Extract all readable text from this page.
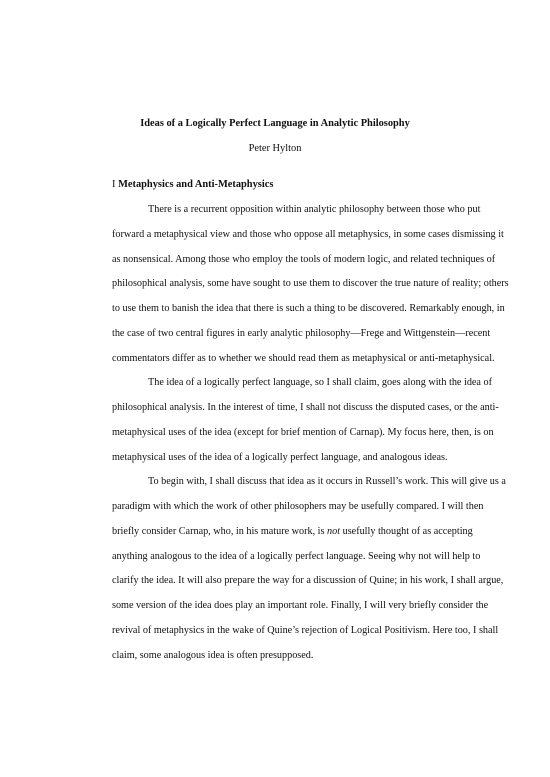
Ideas of a Logically Perfect Language in Analytic Philosophy

Peter Hylton

I Metaphysics and Anti-Metaphysics

There is a recurrent opposition within analytic philosophy between those who put
forward a metaphysical view and those who oppose all metaphysics, in some cases dismissing it
as nonsensical. Among those who employ the tools of modern logic, and related techniques of
philosophical analysis, some have sought to use them to discover the true nature of reality; others
to use them to banish the idea that there is such a thing to be discovered. Remarkably enough, in
the case of two central figures in early analytic philosophy—Frege and Wittgenstein—recent
commentators differ as to whether we should read them as metaphysical or anti-metaphysical.
The idea of a logically perfect language, so I shall claim, goes along with the idea of
philosophical analysis. In the interest of time, I shall not discuss the disputed cases, or the anti-
metaphysical uses of the idea (except for brief mention of Carnap). My focus here, then, is on
metaphysical uses of the idea of a logically perfect language, and analogous ideas.
To begin with, I shall discuss that idea as it occurs in Russell’s work. This will give us a
paradigm with which the work of other philosophers may be usefully compared. I will then
briefly consider Carnap, who, in his mature work, is not usefully thought of as accepting
anything analogous to the idea of a logically perfect language. Seeing why not will help to
clarify the idea. It will also prepare the way for a discussion of Quine; in his work, I shall argue,
some version of the idea does play an important role. Finally, I will very briefly consider the
revival of metaphysics in the wake of Quine’s rejection of Logical Positivism. Here too, I shall
claim, some analogous idea is often presupposed.
